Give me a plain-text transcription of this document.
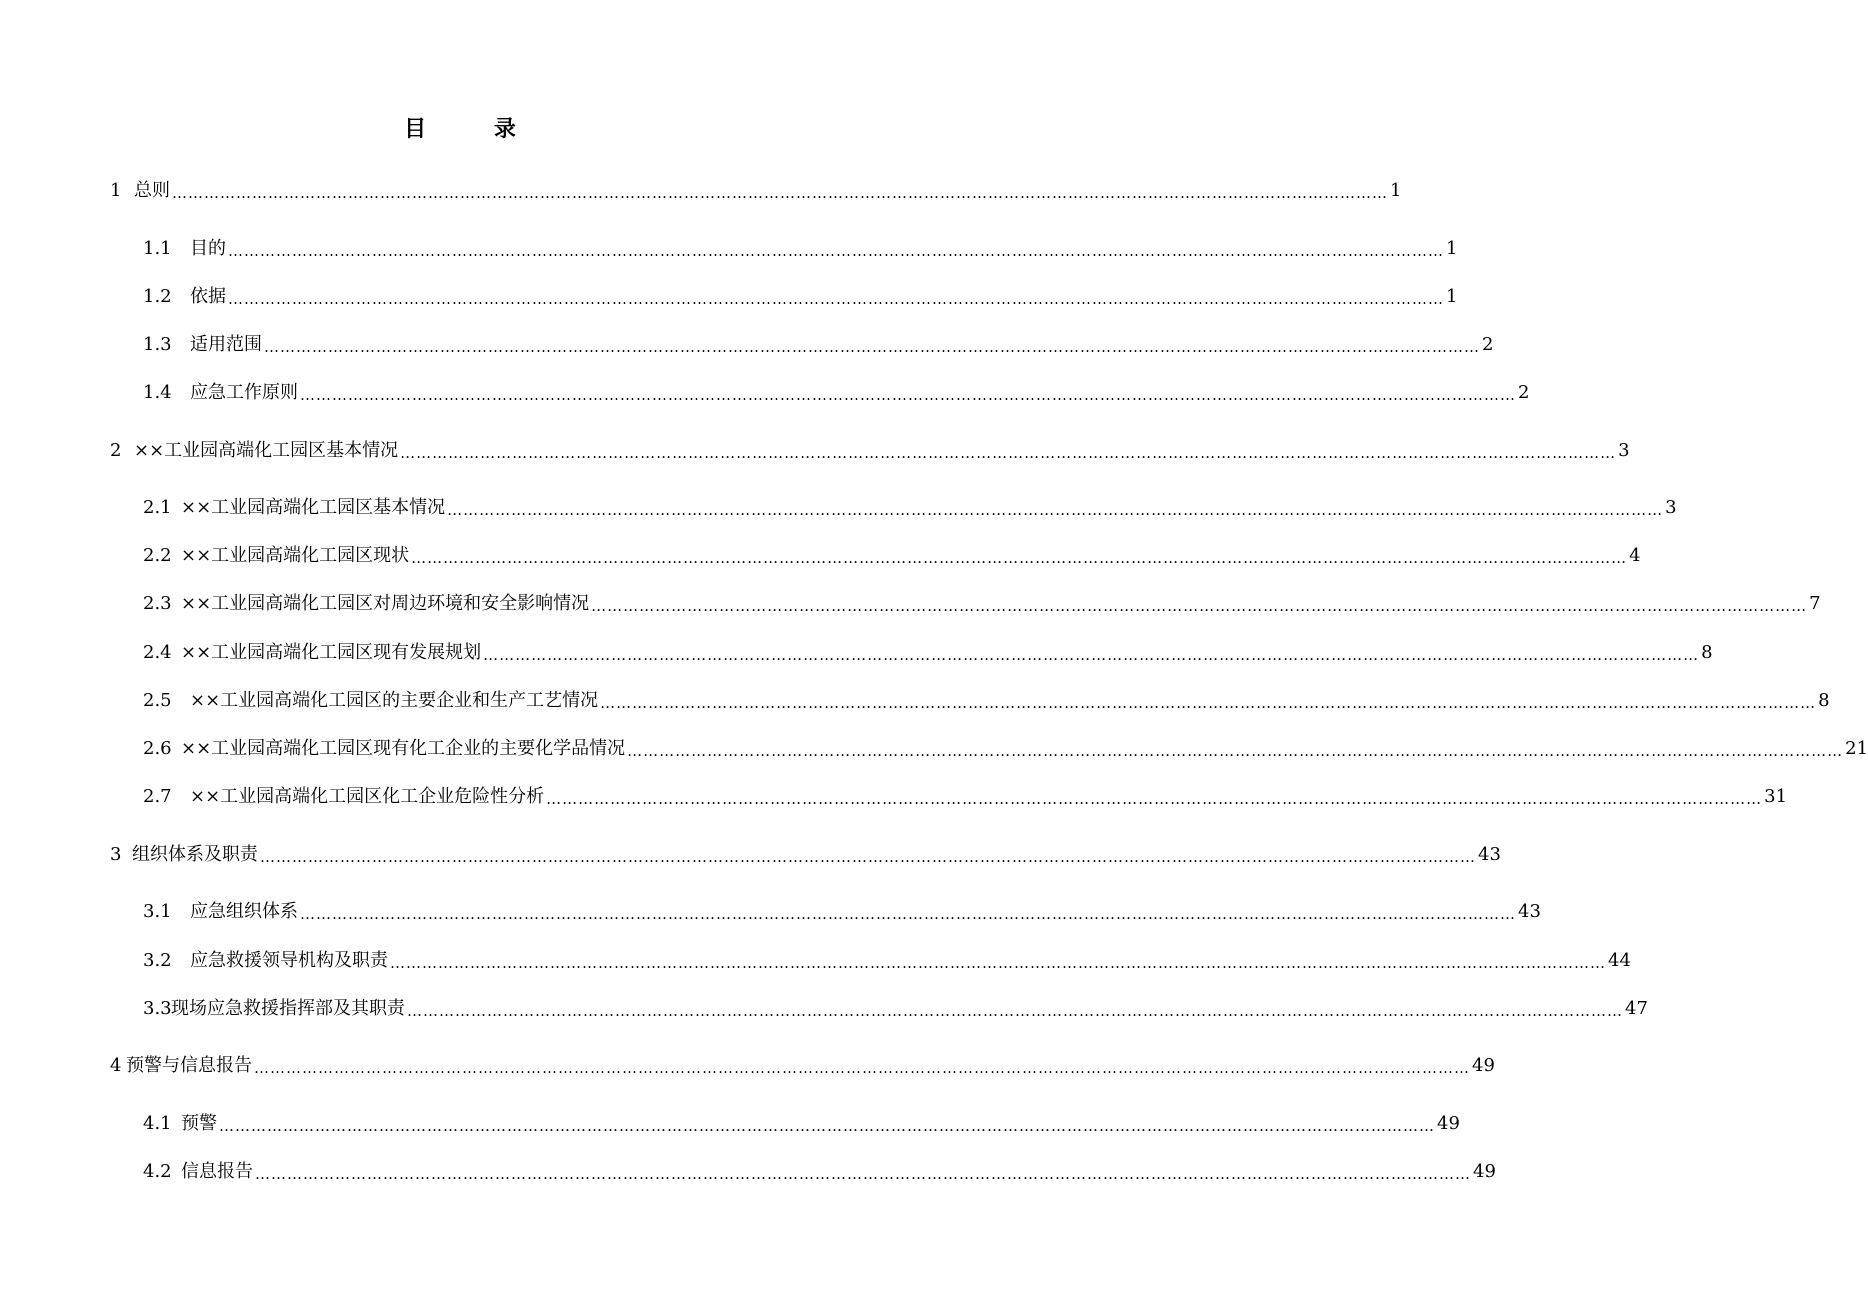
目 录
1 总则 ………………………………………………………………………………………………………………………………………………………………………………………………………… 1
1.1	目的 ………………………………………………………………………………………………………………………………………………………………………………………………………… 1
1.2	依据 ………………………………………………………………………………………………………………………………………………………………………………………………………… 1
1.3	适用范围 ………………………………………………………………………………………………………………………………………………………………………………………………………… 2
1.4	应急工作原则 ………………………………………………………………………………………………………………………………………………………………………………………………………… 2
2 ××工业园高端化工园区基本情况 ………………………………………………………………………………………………………………………………………………………………………………………………………… 3
2.1 ××工业园高端化工园区基本情况 ………………………………………………………………………………………………………………………………………………………………………………………………………… 3
2.2 ××工业园高端化工园区现状 ………………………………………………………………………………………………………………………………………………………………………………………………………… 4
2.3 ××工业园高端化工园区对周边环境和安全影响情况 ………………………………………………………………………………………………………………………………………………………………………………………………………… 7
2.4 ××工业园高端化工园区现有发展规划 ………………………………………………………………………………………………………………………………………………………………………………………………………… 8
2.5	××工业园高端化工园区的主要企业和生产工艺情况 ………………………………………………………………………………………………………………………………………………………………………………………………………… 8
2.6 ××工业园高端化工园区现有化工企业的主要化学品情况 ………………………………………………………………………………………………………………………………………………………………………………………………………… 21
2.7	××工业园高端化工园区化工企业危险性分析 ………………………………………………………………………………………………………………………………………………………………………………………………………… 31
3 组织体系及职责 ………………………………………………………………………………………………………………………………………………………………………………………………………… 43
3.1	应急组织体系 ………………………………………………………………………………………………………………………………………………………………………………………………………… 43
3.2	应急救援领导机构及职责 ………………………………………………………………………………………………………………………………………………………………………………………………………… 44
3.3 现场应急救援指挥部及其职责 ………………………………………………………………………………………………………………………………………………………………………………………………………… 47
4 预警与信息报告 ………………………………………………………………………………………………………………………………………………………………………………………………………… 49
4.1 预警 ………………………………………………………………………………………………………………………………………………………………………………………………………… 49
4.2 信息报告 ………………………………………………………………………………………………………………………………………………………………………………………………………… 49
